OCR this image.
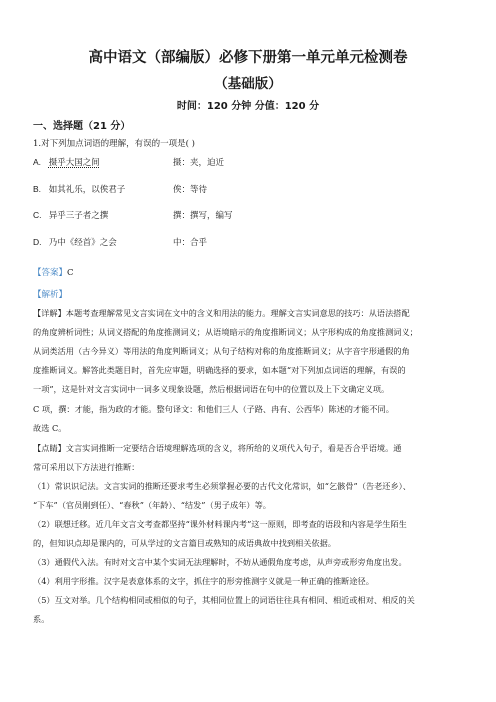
高中语文（部编版）必修下册第一单元单元检测卷
（基础版）
时间：120 分钟 分值：120 分
一、选择题（21 分）
1.对下列加点词语的理解，有误的一项是( )
A. 摄乎大国之间	摄：夹，迫近
B. 如其礼乐，以俟君子	俟：等待
C. 异乎三子者之撰	撰：撰写，编写
D. 乃中《经首》之会	中：合乎
【答案】C
【解析】
【详解】本题考查理解常见文言实词在文中的含义和用法的能力。理解文言实词意思的技巧：从语法搭配
的角度辨析词性；从词义搭配的角度推测词义；从语境暗示的角度推断词义；从字形构成的角度推测词义；
从词类活用（古今异义）等用法的角度判断词义；从句子结构对称的角度推断词义；从字音字形通假的角
度推断词义。解答此类题目时，首先应审题，明确选择的要求，如本题“对下列加点词语的理解，有误的
一项”，这是针对文言实词中一词多义现象设题，然后根据词语在句中的位置以及上下文确定义项。
C 项，撰：才能，指为政的才能。整句译文：和他们三人（子路、冉有、公西华）陈述的才能不同。
故选 C。
【点睛】文言实词推断一定要结合语境理解选项的含义，将所给的义项代入句子，看是否合乎语境。通
常可采用以下方法进行推断：
（1）常识识记法。文言实词的推断还要求考生必须掌握必要的古代文化常识，如“乞骸骨”（告老还乡）、
“下车”（官员刚到任）、“春秋”（年龄）、“结发”（男子成年）等。
（2）联想迁移。近几年文言文考查都坚持“课外材料课内考”这一原则，即考查的语段和内容是学生陌生
的，但知识点却是课内的，可从学过的文言篇目或熟知的成语典故中找到相关依据。
（3）通假代入法。有时对文言中某个实词无法理解时，不妨从通假角度考虑，从声旁或形旁角度出发。
（4）利用字形推。汉字是表意体系的文字，抓住字的形旁推测字义就是一种正确的推断途径。
（5）互文对举。几个结构相同或相似的句子，其相同位置上的词语往往具有相同、相近或相对、相反的关
系。
